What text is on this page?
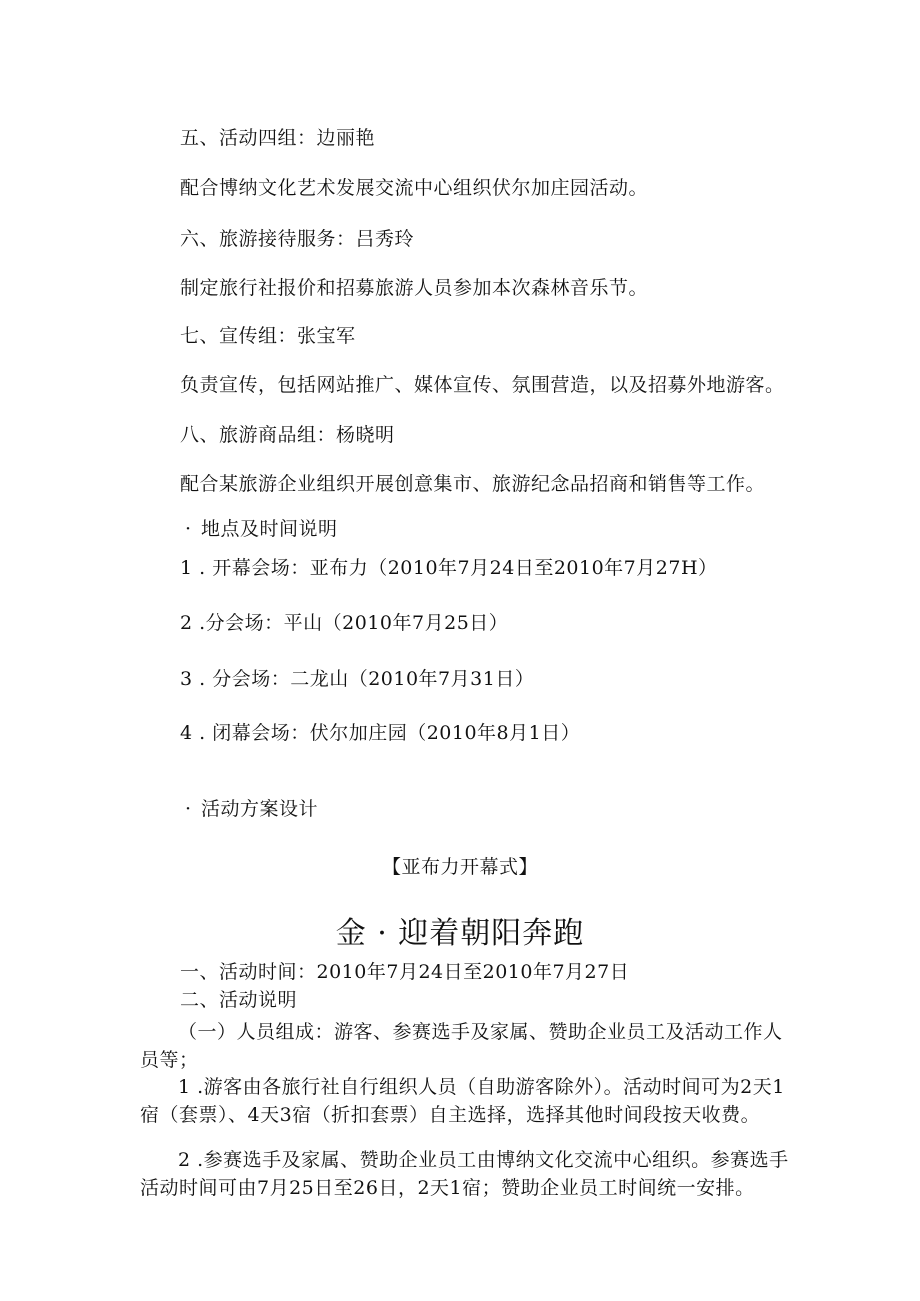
五、活动四组：边丽艳
配合博纳文化艺术发展交流中心组织伏尔加庄园活动。
六、旅游接待服务：吕秀玲
制定旅行社报价和招募旅游人员参加本次森林音乐节。
七、宣传组：张宝军
负责宣传，包括网站推广、媒体宣传、氛围营造，以及招募外地游客。
八、旅游商品组：杨晓明
配合某旅游企业组织开展创意集市、旅游纪念品招商和销售等工作。
· 地点及时间说明
1 . 开幕会场：亚布力（2010年7月24日至2010年7月27H）
2 .分会场：平山（2010年7月25日）
3 . 分会场：二龙山（2010年7月31日）
4 . 闭幕会场：伏尔加庄园（2010年8月1日）
· 活动方案设计
【亚布力开幕式】
金 · 迎着朝阳奔跑
一、活动时间：2010年7月24日至2010年7月27日
二、活动说明
（一）人员组成：游客、参赛选手及家属、赞助企业员工及活动工作人员等；
1 .游客由各旅行社自行组织人员（自助游客除外）。活动时间可为2天1宿（套票）、4天3宿（折扣套票）自主选择，选择其他时间段按天收费。
2 .参赛选手及家属、赞助企业员工由博纳文化交流中心组织。参赛选手活动时间可由7月25日至26日，2天1宿；赞助企业员工时间统一安排。
